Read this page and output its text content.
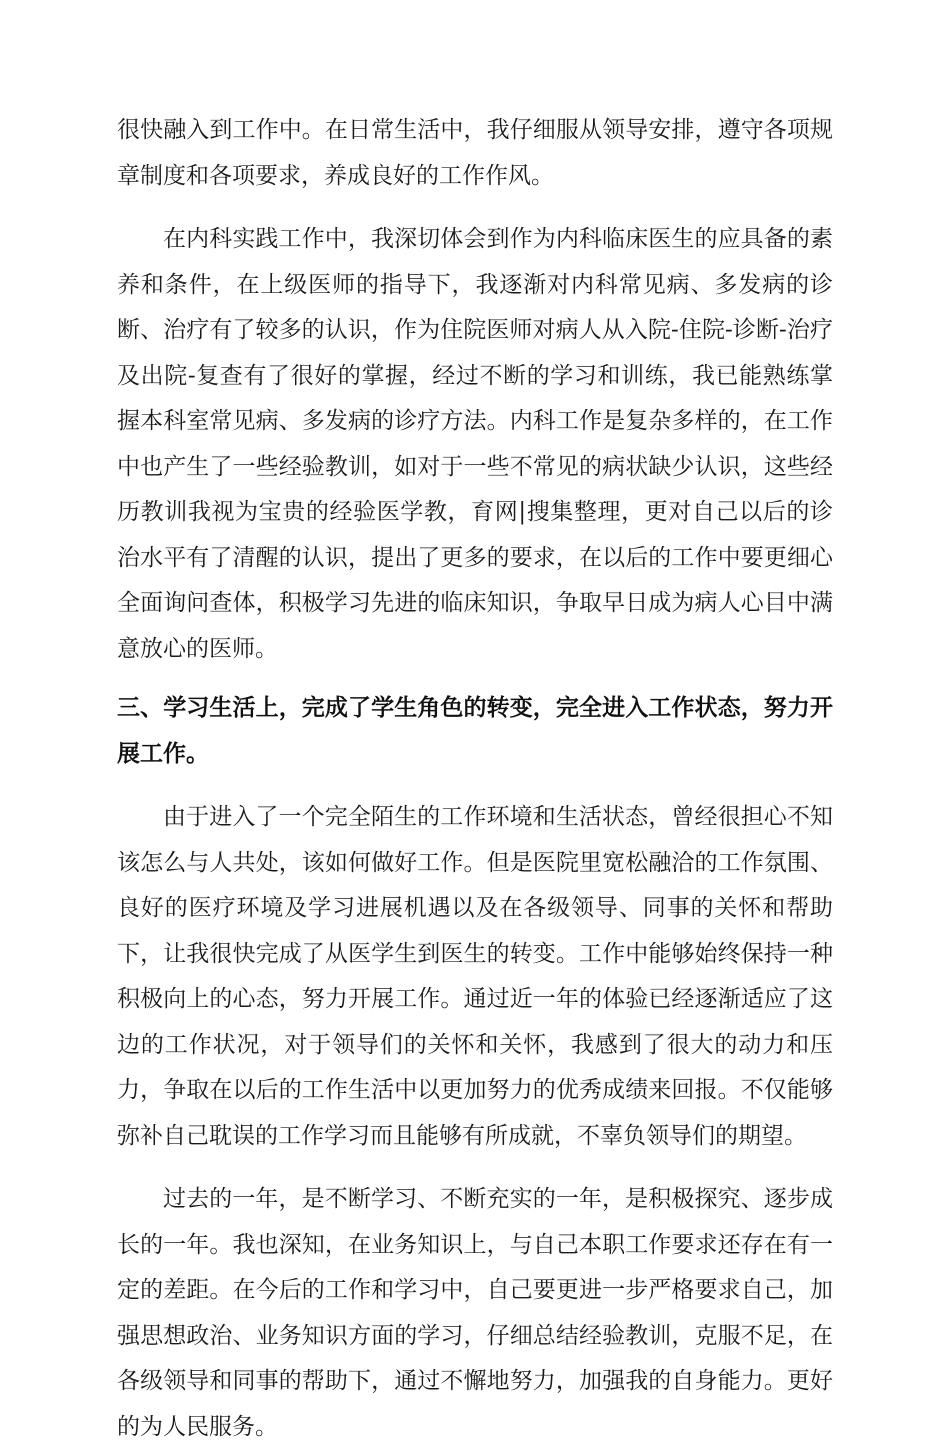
很快融入到工作中。在日常生活中，我仔细服从领导安排，遵守各项规章制度和各项要求，养成良好的工作作风。

在内科实践工作中，我深切体会到作为内科临床医生的应具备的素养和条件，在上级医师的指导下，我逐渐对内科常见病、多发病的诊断、治疗有了较多的认识，作为住院医师对病人从入院-住院-诊断-治疗及出院-复查有了很好的掌握，经过不断的学习和训练，我已能熟练掌握本科室常见病、多发病的诊疗方法。内科工作是复杂多样的，在工作中也产生了一些经验教训，如对于一些不常见的病状缺少认识，这些经历教训我视为宝贵的经验医学教，育网|搜集整理，更对自己以后的诊治水平有了清醒的认识，提出了更多的要求，在以后的工作中要更细心全面询问查体，积极学习先进的临床知识，争取早日成为病人心目中满意放心的医师。

三、学习生活上，完成了学生角色的转变，完全进入工作状态，努力开展工作。

由于进入了一个完全陌生的工作环境和生活状态，曾经很担心不知该怎么与人共处，该如何做好工作。但是医院里宽松融洽的工作氛围、良好的医疗环境及学习进展机遇以及在各级领导、同事的关怀和帮助下，让我很快完成了从医学生到医生的转变。工作中能够始终保持一种积极向上的心态，努力开展工作。通过近一年的体验已经逐渐适应了这边的工作状况，对于领导们的关怀和关怀，我感到了很大的动力和压力，争取在以后的工作生活中以更加努力的优秀成绩来回报。不仅能够弥补自己耽误的工作学习而且能够有所成就，不辜负领导们的期望。

过去的一年，是不断学习、不断充实的一年，是积极探究、逐步成长的一年。我也深知，在业务知识上，与自己本职工作要求还存在有一定的差距。在今后的工作和学习中，自己要更进一步严格要求自己，加强思想政治、业务知识方面的学习，仔细总结经验教训，克服不足，在各级领导和同事的帮助下，通过不懈地努力，加强我的自身能力。更好的为人民服务。
